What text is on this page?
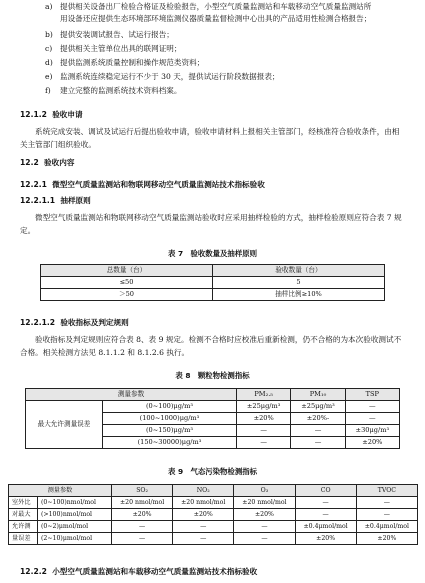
a) 提供相关设备出厂检验合格证及检验报告，小型空气质量监测站和车载移动空气质量监测站所
用设备还应提供生态环境部环境监测仪器质量监督检测中心出具的产品适用性检测合格报告；
b) 提供安装调试报告、试运行报告；
c) 提供相关主管单位出具的联网证明；
d) 提供监测系统质量控制和操作规范类资料；
e) 监测系统连续稳定运行不少于 30 天，提供试运行阶段数据报表；
f) 建立完整的监测系统技术资料档案。
12.1.2 验收申请
系统完成安装、调试及试运行后提出验收申请，验收申请材料上报相关主管部门，经核准符合验收条件，由相关主管部门组织验收。
12.2 验收内容
12.2.1 微型空气质量监测站和物联网移动空气质量监测站技术指标验收
12.2.1.1 抽样原则
微型空气质量监测站和物联网移动空气质量监测站验收时应采用抽样检验的方式，抽样检验原则应符合表 7 规定。
表 7　验收数量及抽样原则
总数量（台）	验收数量（台）
≤50	5
＞50	抽样比例≥10%
12.2.1.2 验收指标及判定规则
验收指标及判定规则应符合表 8、表 9 规定。检测不合格时应校准后重新检测，仍不合格的为本次验收测试不合格。相关检测方法见 8.1.1.2 和 8.1.2.6 执行。
表 8　颗粒物检测指标
测量参数		PM₂.₅	PM₁₀	TSP
最大允许测量误差	(0~100)μg/m³	±25μg/m³	±25μg/m³	—
	(100~1000)μg/m³	±20%	±20%-	—
	(0~150)μg/m³	—	—	±30μg/m³
	(150~30000)μg/m³	—	—	±20%
表 9　气态污染物检测指标
测量参数		SO₂	NO₂	O₃	CO	TVOC
室外比	(0~100)nmol/mol	±20 nmol/mol	±20 nmol/mol	±20 nmol/mol	—	—
对最大	(>100)nmol/mol	±20%	±20%	±20%	—	—
允许测	(0~2)μmol/mol	—	—	—	±0.4μmol/mol	±0.4μmol/mol
量误差	(2~10)μmol/mol	—	—	—	±20%	±20%
12.2.2 小型空气质量监测站和车载移动空气质量监测站技术指标验收
